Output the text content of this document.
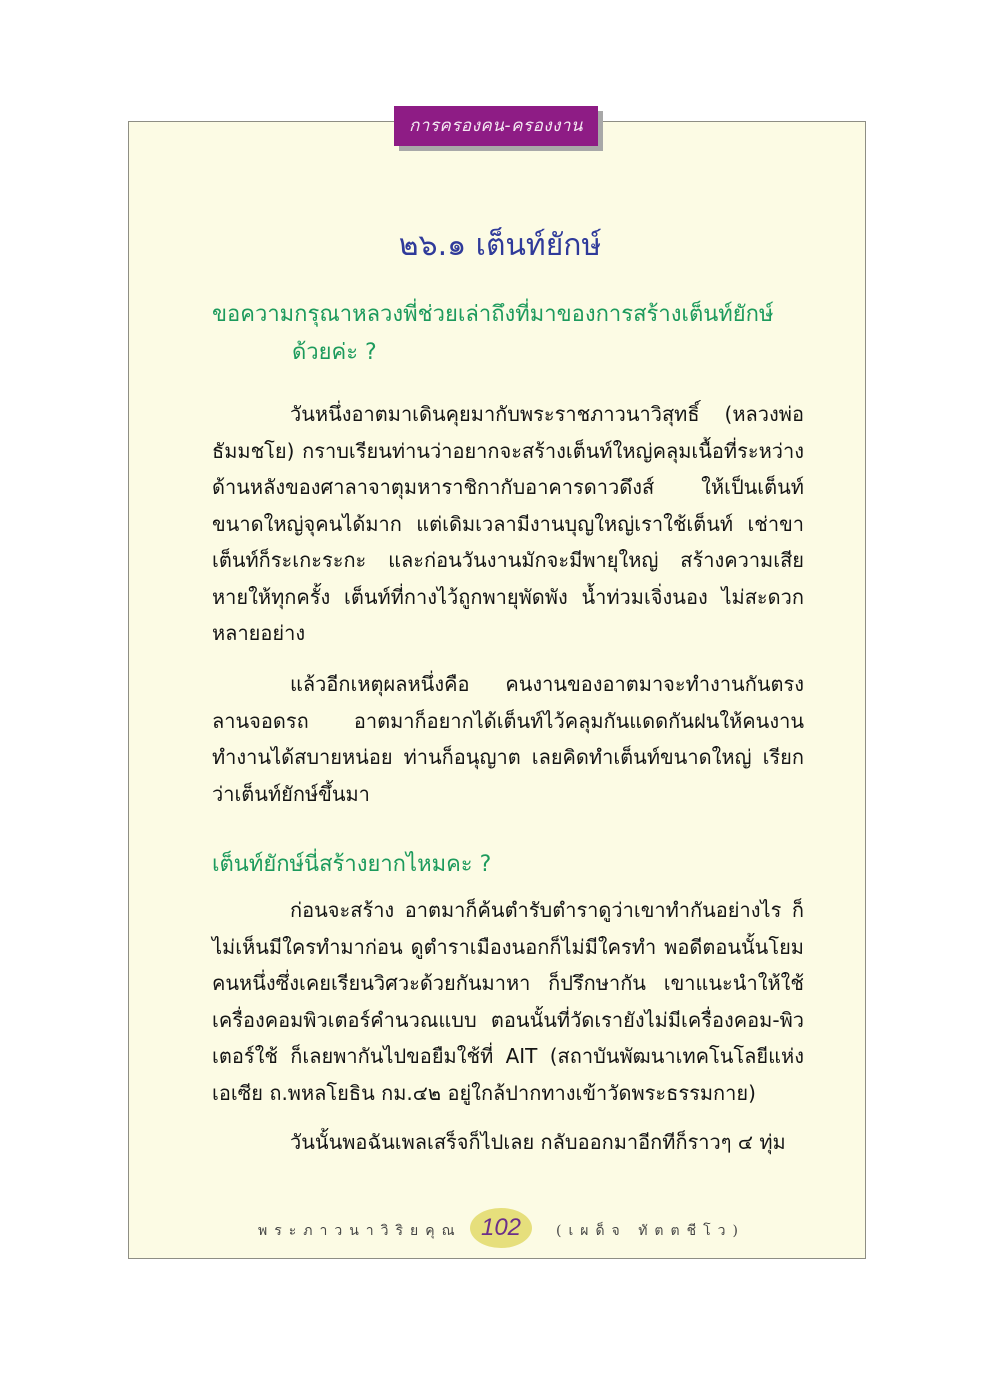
การครองคน-ครองงาน
๒๖.๑ เต็นท์ยักษ์
ขอความกรุณาหลวงพี่ช่วยเล่าถึงที่มาของการสร้างเต็นท์ยักษ์
ด้วยค่ะ ?
วันหนึ่งอาตมาเดินคุยมากับพระราชภาวนาวิสุทธิ์ (หลวงพ่อธัมมชโย) กราบเรียนท่านว่าอยากจะสร้างเต็นท์ใหญ่คลุมเนื้อที่ระหว่างด้านหลังของศาลาจาตุมหาราชิกากับอาคารดาวดึงส์ ให้เป็นเต็นท์ขนาดใหญ่จุคนได้มาก แต่เดิมเวลามีงานบุญใหญ่เราใช้เต็นท์ เช่าขาเต็นท์ก็ระเกะระกะ และก่อนวันงานมักจะมีพายุใหญ่ สร้างความเสียหายให้ทุกครั้ง เต็นท์ที่กางไว้ถูกพายุพัดพัง น้ำท่วมเจิ่งนอง ไม่สะดวกหลายอย่าง
แล้วอีกเหตุผลหนึ่งคือ คนงานของอาตมาจะทำงานกันตรงลานจอดรถ อาตมาก็อยากได้เต็นท์ไว้คลุมกันแดดกันฝนให้คนงานทำงานได้สบายหน่อย ท่านก็อนุญาต เลยคิดทำเต็นท์ขนาดใหญ่ เรียกว่าเต็นท์ยักษ์ขึ้นมา
เต็นท์ยักษ์นี่สร้างยากไหมคะ ?
ก่อนจะสร้าง อาตมาก็ค้นตำรับตำราดูว่าเขาทำกันอย่างไร ก็ไม่เห็นมีใครทำมาก่อน ดูตำราเมืองนอกก็ไม่มีใครทำ พอดีตอนนั้นโยมคนหนึ่งซึ่งเคยเรียนวิศวะด้วยกันมาหา ก็ปรึกษากัน เขาแนะนำให้ใช้เครื่องคอมพิวเตอร์คำนวณแบบ ตอนนั้นที่วัดเรายังไม่มีเครื่องคอม-พิวเตอร์ใช้ ก็เลยพากันไปขอยืมใช้ที่ AIT (สถาบันพัฒนาเทคโนโลยีแห่งเอเซีย ถ.พหลโยธิน กม.๔๒ อยู่ใกล้ปากทางเข้าวัดพระธรรมกาย)
วันนั้นพอฉันเพลเสร็จก็ไปเลย กลับออกมาอีกทีก็ราวๆ ๔ ทุ่ม
พระภาวนาวิริยคุณ 102	(เผด็จ ทัตตชีโว)
